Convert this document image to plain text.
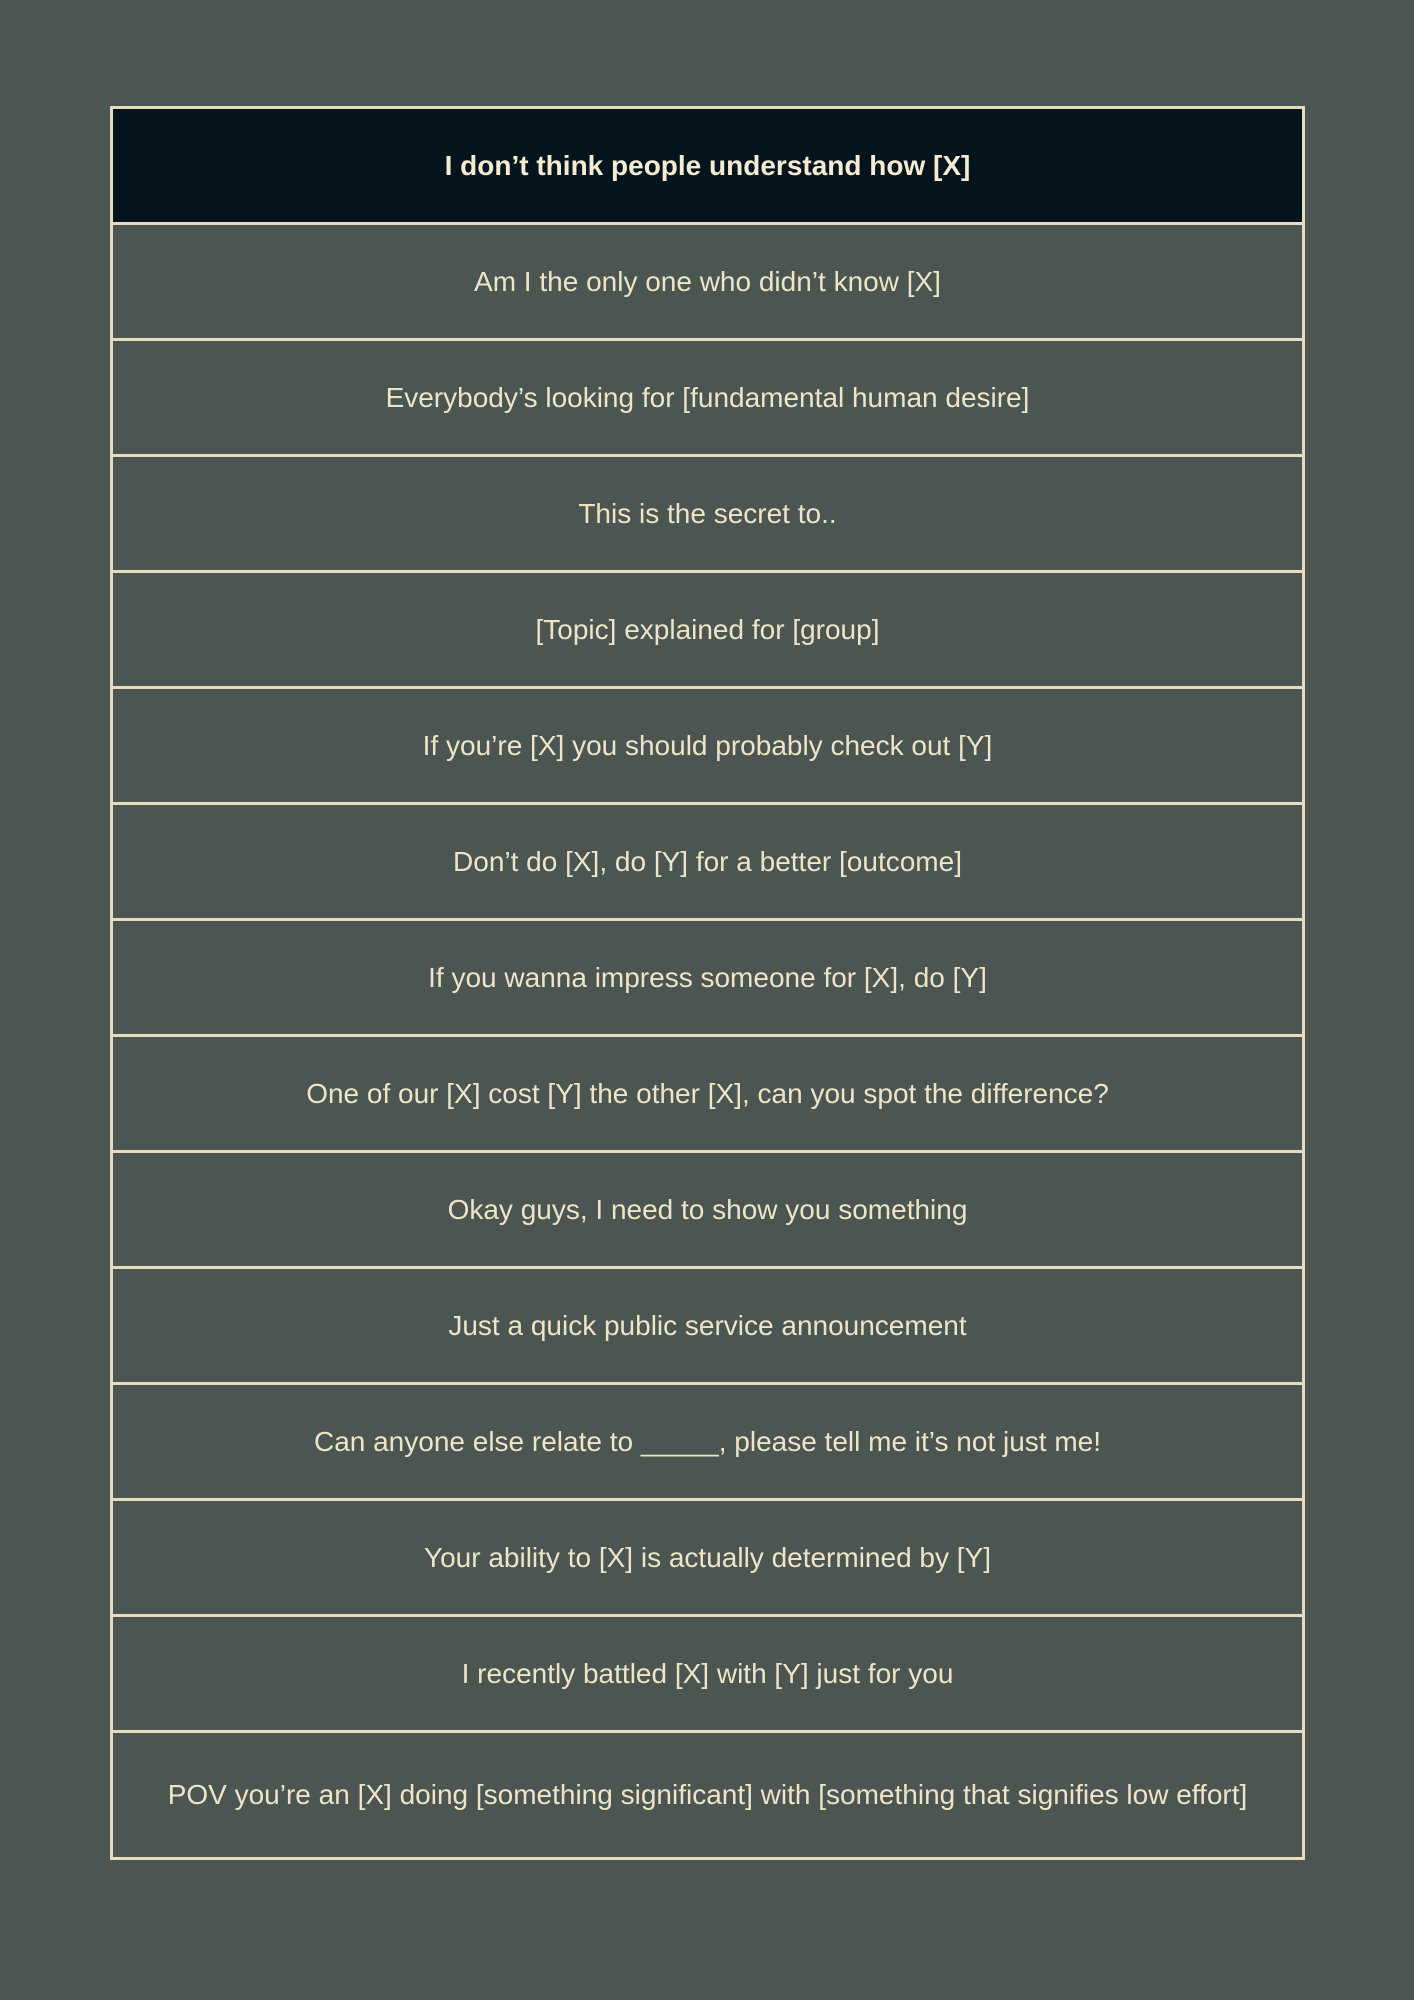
I don’t think people understand how [X]
Am I the only one who didn’t know [X]
Everybody’s looking for [fundamental human desire]
This is the secret to..
[Topic] explained for [group]
If you’re [X] you should probably check out [Y]
Don’t do [X], do [Y] for a better [outcome]
If you wanna impress someone for [X], do [Y]
One of our [X] cost [Y] the other [X], can you spot the difference?
Okay guys, I need to show you something
Just a quick public service announcement
Can anyone else relate to _____, please tell me it’s not just me!
Your ability to [X] is actually determined by [Y]
I recently battled [X] with [Y] just for you
POV you’re an [X] doing [something significant] with [something that signifies low effort]
